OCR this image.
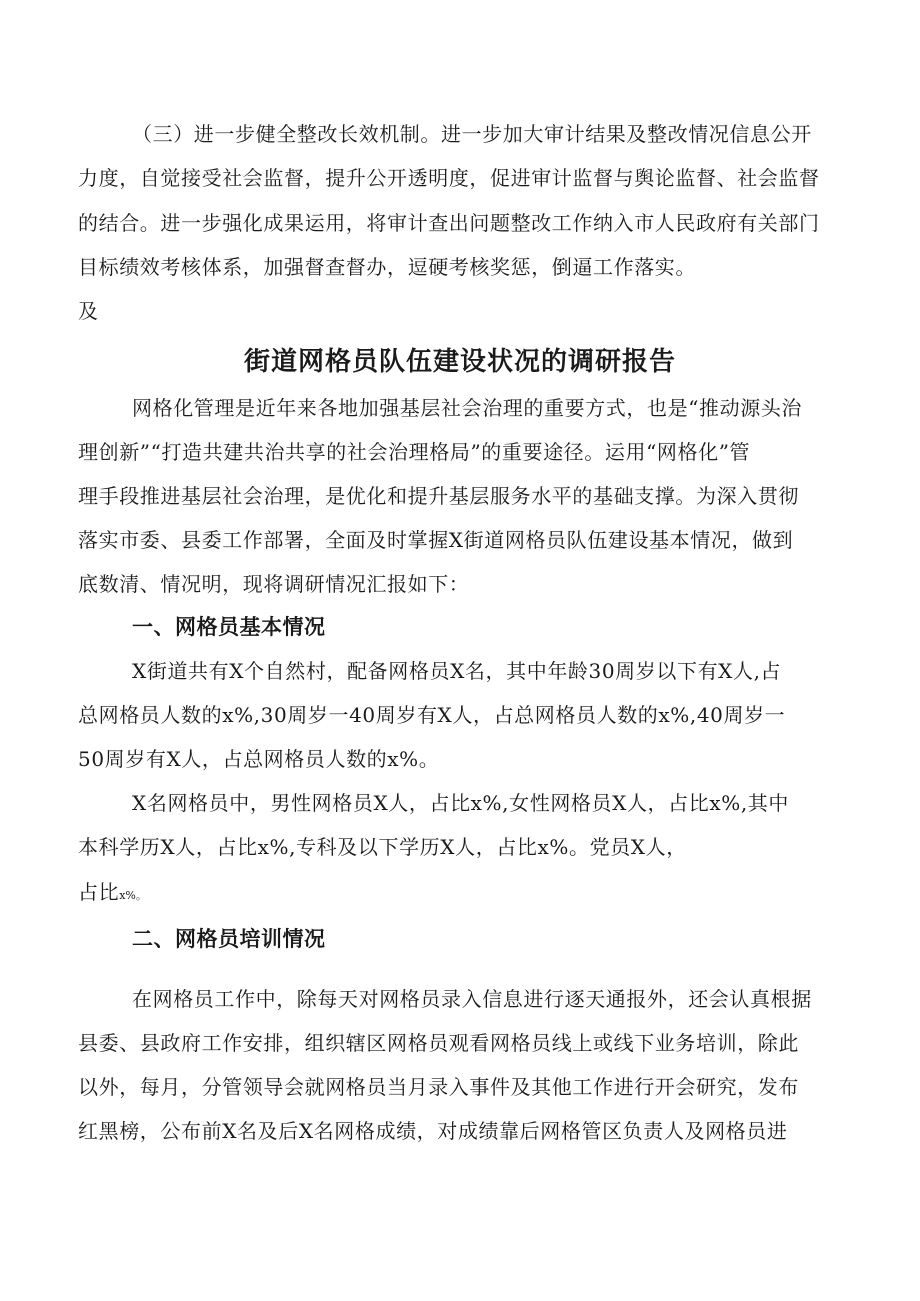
（三）进一步健全整改长效机制。进一步加大审计结果及整改情况信息公开
力度，自觉接受社会监督，提升公开透明度，促进审计监督与舆论监督、社会监督
的结合。进一步强化成果运用，将审计查出问题整改工作纳入市人民政府有关部门
目标绩效考核体系，加强督查督办，逗硬考核奖惩，倒逼工作落实。
及
街道网格员队伍建设状况的调研报告
网格化管理是近年来各地加强基层社会治理的重要方式，也是“推动源头治
理创新”“打造共建共治共享的社会治理格局”的重要途径。运用“网格化”管
理手段推进基层社会治理，是优化和提升基层服务水平的基础支撑。为深入贯彻
落实市委、县委工作部署，全面及时掌握X街道网格员队伍建设基本情况，做到
底数清、情况明，现将调研情况汇报如下：
一、网格员基本情况
X街道共有X个自然村，配备网格员X名，其中年龄30周岁以下有X人,占
总网格员人数的x%,30周岁一40周岁有X人，占总网格员人数的x%,40周岁一
50周岁有X人，占总网格员人数的x%。
X名网格员中，男性网格员X人，占比x%,女性网格员X人，占比x%,其中
本科学历X人，占比x%,专科及以下学历X人，占比x%。党员X人，
占比x%。
二、网格员培训情况
在网格员工作中，除每天对网格员录入信息进行逐天通报外，还会认真根据
县委、县政府工作安排，组织辖区网格员观看网格员线上或线下业务培训，除此
以外，每月，分管领导会就网格员当月录入事件及其他工作进行开会研究，发布
红黑榜，公布前X名及后X名网格成绩，对成绩靠后网格管区负责人及网格员进
